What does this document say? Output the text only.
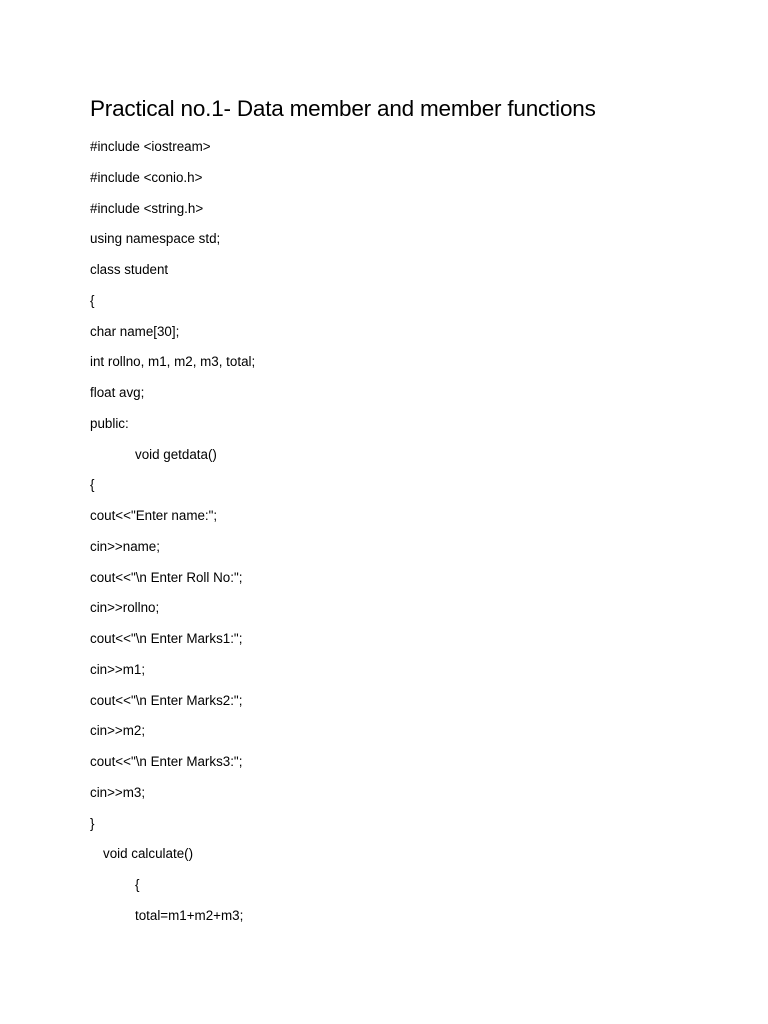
Practical no.1- Data member and member functions
#include <iostream>
#include <conio.h>
#include <string.h>
using namespace std;
class student
{
char name[30];
int rollno, m1, m2, m3, total;
float avg;
public:
void getdata()
{
cout<<"Enter name:";
cin>>name;
cout<<"\n Enter Roll No:";
cin>>rollno;
cout<<"\n Enter Marks1:";
cin>>m1;
cout<<"\n Enter Marks2:";
cin>>m2;
cout<<"\n Enter Marks3:";
cin>>m3;
}
void calculate()
{
total=m1+m2+m3;
